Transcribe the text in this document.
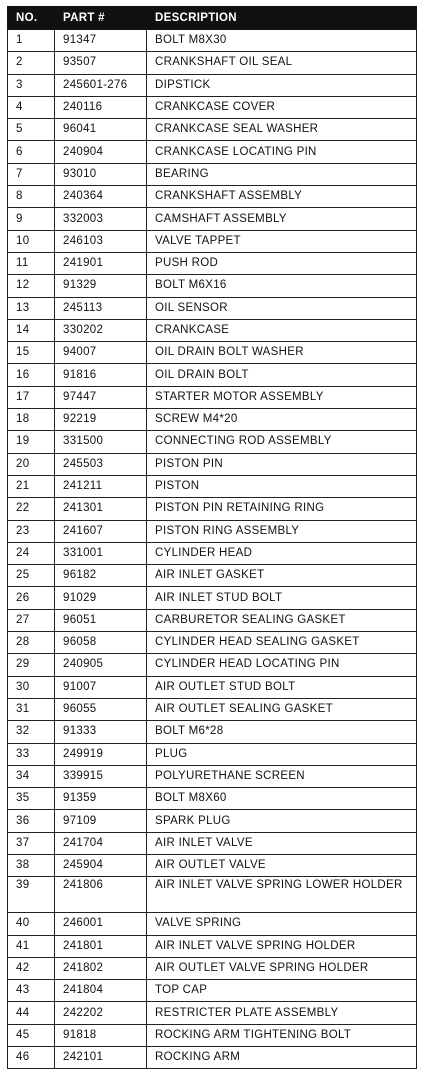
NO.	PART #	DESCRIPTION
1	91347	BOLT M8X30
2	93507	CRANKSHAFT OIL SEAL
3	245601-276	DIPSTICK
4	240116	CRANKCASE COVER
5	96041	CRANKCASE SEAL WASHER
6	240904	CRANKCASE LOCATING PIN
7	93010	BEARING
8	240364	CRANKSHAFT ASSEMBLY
9	332003	CAMSHAFT ASSEMBLY
10	246103	VALVE TAPPET
11	241901	PUSH ROD
12	91329	BOLT M6X16
13	245113	OIL SENSOR
14	330202	CRANKCASE
15	94007	OIL DRAIN BOLT WASHER
16	91816	OIL DRAIN BOLT
17	97447	STARTER MOTOR ASSEMBLY
18	92219	SCREW M4*20
19	331500	CONNECTING ROD ASSEMBLY
20	245503	PISTON PIN
21	241211	PISTON
22	241301	PISTON PIN RETAINING RING
23	241607	PISTON RING ASSEMBLY
24	331001	CYLINDER HEAD
25	96182	AIR INLET GASKET
26	91029	AIR INLET STUD BOLT
27	96051	CARBURETOR SEALING GASKET
28	96058	CYLINDER HEAD SEALING GASKET
29	240905	CYLINDER HEAD LOCATING PIN
30	91007	AIR OUTLET STUD BOLT
31	96055	AIR OUTLET SEALING GASKET
32	91333	BOLT M6*28
33	249919	PLUG
34	339915	POLYURETHANE SCREEN
35	91359	BOLT M8X60
36	97109	SPARK PLUG
37	241704	AIR INLET VALVE
38	245904	AIR OUTLET VALVE
39	241806	AIR INLET VALVE SPRING LOWER HOLDER
40	246001	VALVE SPRING
41	241801	AIR INLET VALVE SPRING HOLDER
42	241802	AIR OUTLET VALVE SPRING HOLDER
43	241804	TOP CAP
44	242202	RESTRICTER PLATE ASSEMBLY
45	91818	ROCKING ARM TIGHTENING BOLT
46	242101	ROCKING ARM
